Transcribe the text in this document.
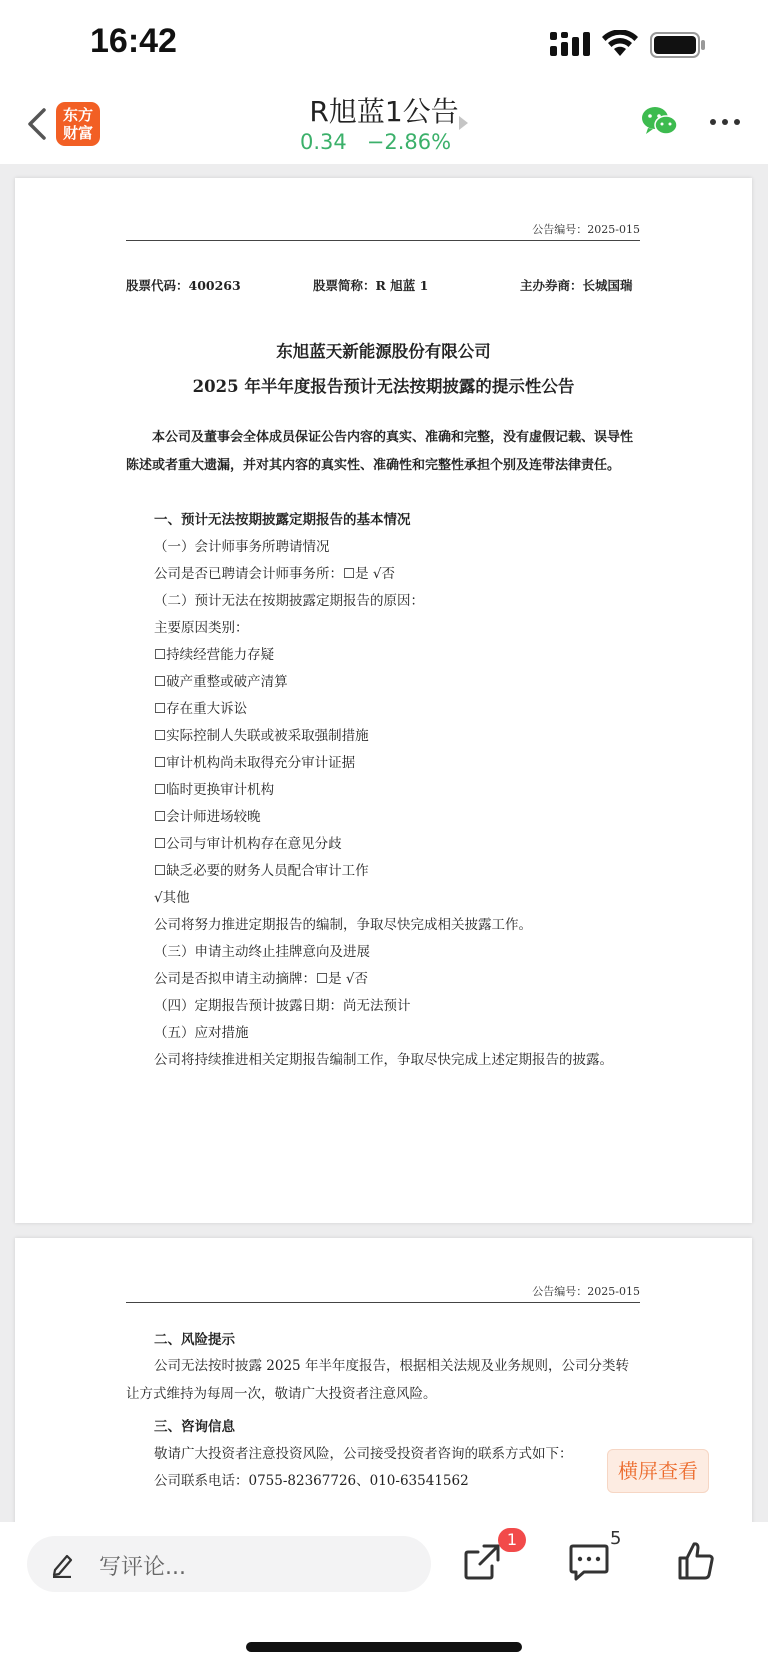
16:42
东方
财富
R旭蓝1公告
0.34 −2.86%
公告编号：2025-015
股票代码：400263	股票简称：R 旭蓝 1	主办券商：长城国瑞
东旭蓝天新能源股份有限公司
2025 年半年度报告预计无法按期披露的提示性公告
本公司及董事会全体成员保证公告内容的真实、准确和完整，没有虚假记载、误导性陈述或者重大遗漏，并对其内容的真实性、准确性和完整性承担个别及连带法律责任。
一、预计无法按期披露定期报告的基本情况
（一）会计师事务所聘请情况
公司是否已聘请会计师事务所：☐是 √否
（二）预计无法在按期披露定期报告的原因：
主要原因类别：
☐持续经营能力存疑
☐破产重整或破产清算
☐存在重大诉讼
☐实际控制人失联或被采取强制措施
☐审计机构尚未取得充分审计证据
☐临时更换审计机构
☐会计师进场较晚
☐公司与审计机构存在意见分歧
☐缺乏必要的财务人员配合审计工作
√其他
公司将努力推进定期报告的编制，争取尽快完成相关披露工作。
（三）申请主动终止挂牌意向及进展
公司是否拟申请主动摘牌：☐是 √否
（四）定期报告预计披露日期：尚无法预计
（五）应对措施
公司将持续推进相关定期报告编制工作，争取尽快完成上述定期报告的披露。
公告编号：2025-015
二、风险提示
公司无法按时披露 2025 年半年度报告，根据相关法规及业务规则，公司分类转让方式维持为每周一次，敬请广大投资者注意风险。
三、咨询信息
敬请广大投资者注意投资风险，公司接受投资者咨询的联系方式如下：
公司联系电话：0755-82367726、010-63541562	横屏查看
写评论...
1	5
